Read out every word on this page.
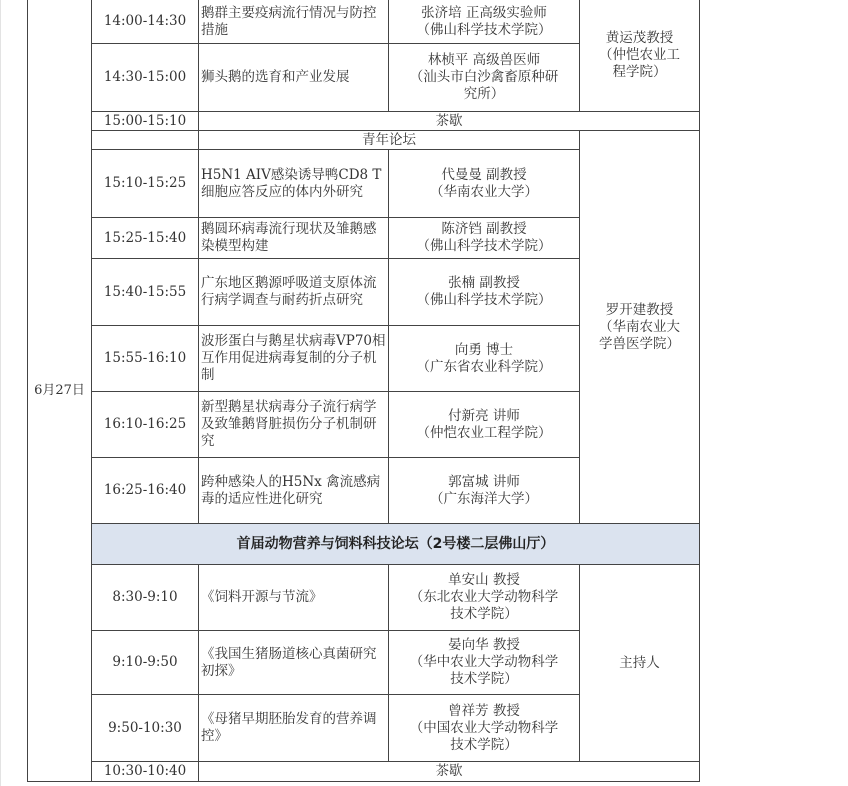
6月27日	14:00-14:30	鹅群主要疫病流行情况与防控措施	张济培 正高级实验师
（佛山科学技术学院）	黄运茂教授
（仲恺农业工
程学院）

	14:30-15:00	狮头鹅的选育和产业发展	林桢平 高级兽医师
（汕头市白沙禽畜原种研
究所）	

	15:00-15:10	茶歇		
		青年论坛		罗开建教授
（华南农业大
学兽医学院）

	15:10-15:25	H5N1 AIV感染诱导鸭CD8 T细胞应答反应的体内外研究	代曼曼 副教授
（华南农业大学）	

	15:25-15:40	鹅圆环病毒流行现状及雏鹅感染模型构建	陈济铛 副教授
（佛山科学技术学院）	

	15:40-15:55	广东地区鹅源呼吸道支原体流行病学调查与耐药折点研究	张楠 副教授
（佛山科学技术学院）	

	15:55-16:10	波形蛋白与鹅星状病毒VP70相互作用促进病毒复制的分子机制	向勇 博士
（广东省农业科学院）	

	16:10-16:25	新型鹅星状病毒分子流行病学及致雏鹅肾脏损伤分子机制研究	付新亮 讲师
（仲恺农业工程学院）	

	16:25-16:40	跨种感染人的H5Nx 禽流感病毒的适应性进化研究	郭富城 讲师
（广东海洋大学）	

	首届动物营养与饲料科技论坛（2号楼二层佛山厅）			
	8:30-9:10	《饲料开源与节流》	单安山 教授
（东北农业大学动物科学
技术学院）	主持人
	9:10-9:50	《我国生猪肠道核心真菌研究初探》	晏向华 教授
（华中农业大学动物科学
技术学院）	

	9:50-10:30	《母猪早期胚胎发育的营养调控》	曾祥芳 教授
（中国农业大学动物科学
技术学院）	

	10:30-10:40	茶歇		
